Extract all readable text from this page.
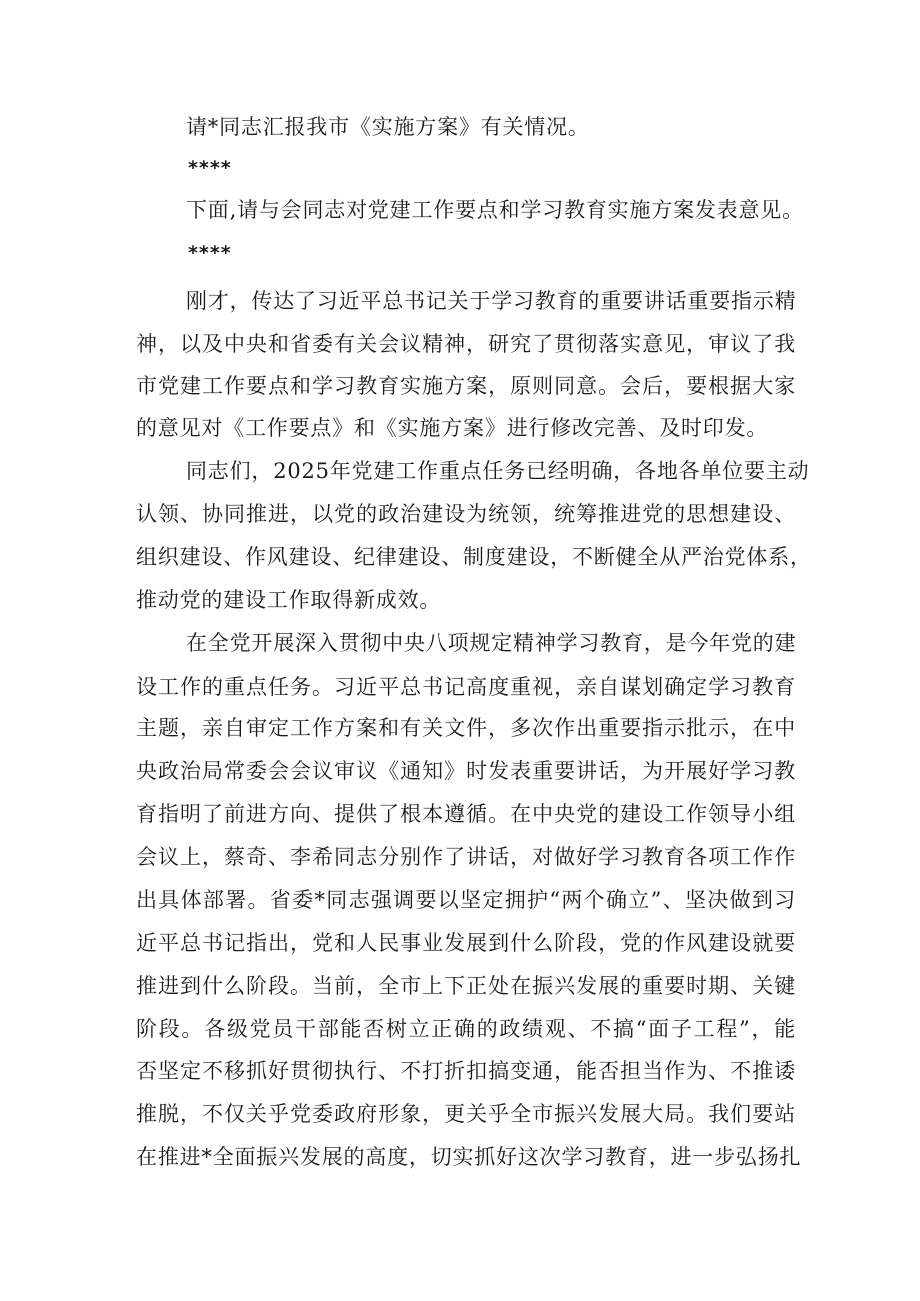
请*同志汇报我市《实施方案》有关情况。
****
下面,请与会同志对党建工作要点和学习教育实施方案发表意见。
****
刚才，传达了习近平总书记关于学习教育的重要讲话重要指示精
神，以及中央和省委有关会议精神，研究了贯彻落实意见，审议了我
市党建工作要点和学习教育实施方案，原则同意。会后，要根据大家
的意见对《工作要点》和《实施方案》进行修改完善、及时印发。
同志们，2025年党建工作重点任务已经明确，各地各单位要主动
认领、协同推进，以党的政治建设为统领，统筹推进党的思想建设、
组织建设、作风建设、纪律建设、制度建设，不断健全从严治党体系，
推动党的建设工作取得新成效。
在全党开展深入贯彻中央八项规定精神学习教育，是今年党的建
设工作的重点任务。习近平总书记高度重视，亲自谋划确定学习教育
主题，亲自审定工作方案和有关文件，多次作出重要指示批示，在中
央政治局常委会会议审议《通知》时发表重要讲话，为开展好学习教
育指明了前进方向、提供了根本遵循。在中央党的建设工作领导小组
会议上，蔡奇、李希同志分别作了讲话，对做好学习教育各项工作作
出具体部署。省委*同志强调要以坚定拥护“两个确立”、坚决做到习
近平总书记指出，党和人民事业发展到什么阶段，党的作风建设就要
推进到什么阶段。当前，全市上下正处在振兴发展的重要时期、关键
阶段。各级党员干部能否树立正确的政绩观、不搞“面子工程”，能
否坚定不移抓好贯彻执行、不打折扣搞变通，能否担当作为、不推诿
推脱，不仅关乎党委政府形象，更关乎全市振兴发展大局。我们要站
在推进*全面振兴发展的高度，切实抓好这次学习教育，进一步弘扬扎
